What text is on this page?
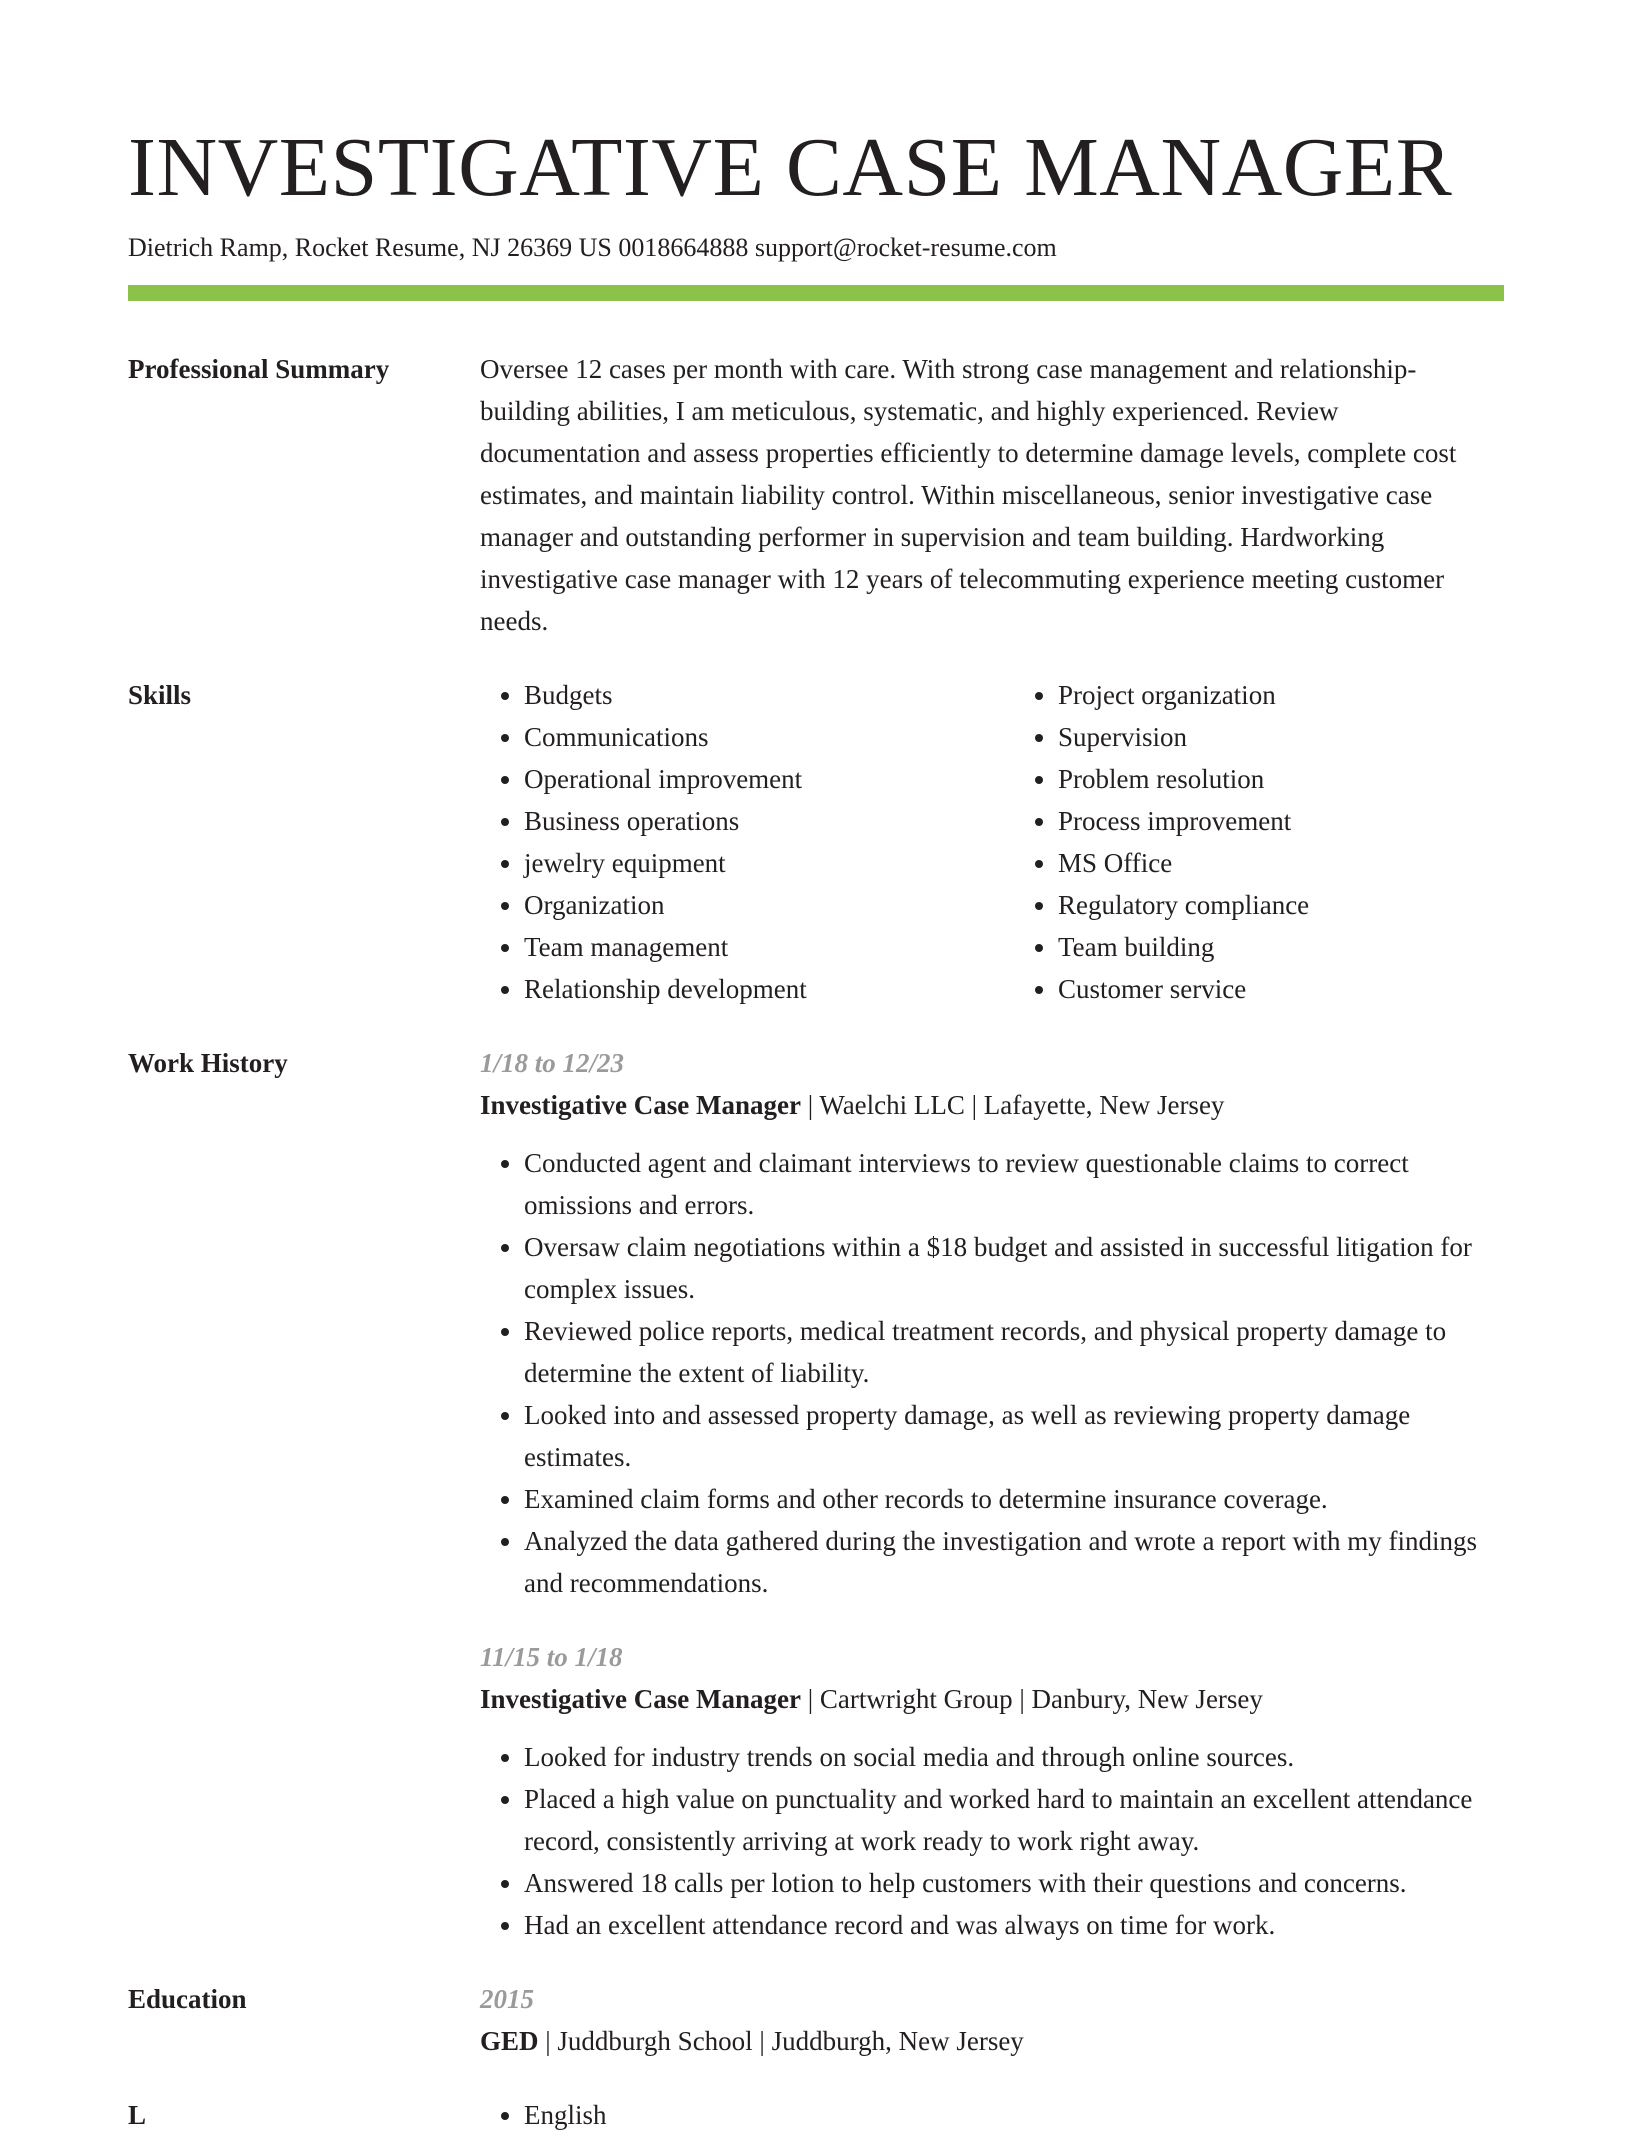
INVESTIGATIVE CASE MANAGER
Dietrich Ramp, Rocket Resume, NJ 26369 US 0018664888 support@rocket-resume.com
Professional Summary	Oversee 12 cases per month with care. With strong case management and relationship-building abilities, I am meticulous, systematic, and highly experienced. Review documentation and assess properties efficiently to determine damage levels, complete cost estimates, and maintain liability control. Within miscellaneous, senior investigative case manager and outstanding performer in supervision and team building. Hardworking investigative case manager with 12 years of telecommuting experience meeting customer needs.

Skills	• Budgets
• Communications
• Operational improvement
• Business operations
• jewelry equipment
• Organization
• Team management
• Relationship development
• Project organization
• Supervision
• Problem resolution
• Process improvement
• MS Office
• Regulatory compliance
• Team building
• Customer service
Work History	1/18 to 12/23
Investigative Case Manager | Waelchi LLC | Lafayette, New Jersey
• Conducted agent and claimant interviews to review questionable claims to correct omissions and errors.
• Oversaw claim negotiations within a $18 budget and assisted in successful litigation for complex issues.
• Reviewed police reports, medical treatment records, and physical property damage to determine the extent of liability.
• Looked into and assessed property damage, as well as reviewing property damage estimates.
• Examined claim forms and other records to determine insurance coverage.
• Analyzed the data gathered during the investigation and wrote a report with my findings and recommendations.
11/15 to 1/18
Investigative Case Manager | Cartwright Group | Danbury, New Jersey
• Looked for industry trends on social media and through online sources.
• Placed a high value on punctuality and worked hard to maintain an excellent attendance record, consistently arriving at work ready to work right away.
• Answered 18 calls per lotion to help customers with their questions and concerns.
• Had an excellent attendance record and was always on time for work.
Education	2015
GED | Juddburgh School | Juddburgh, New Jersey
L	• English
